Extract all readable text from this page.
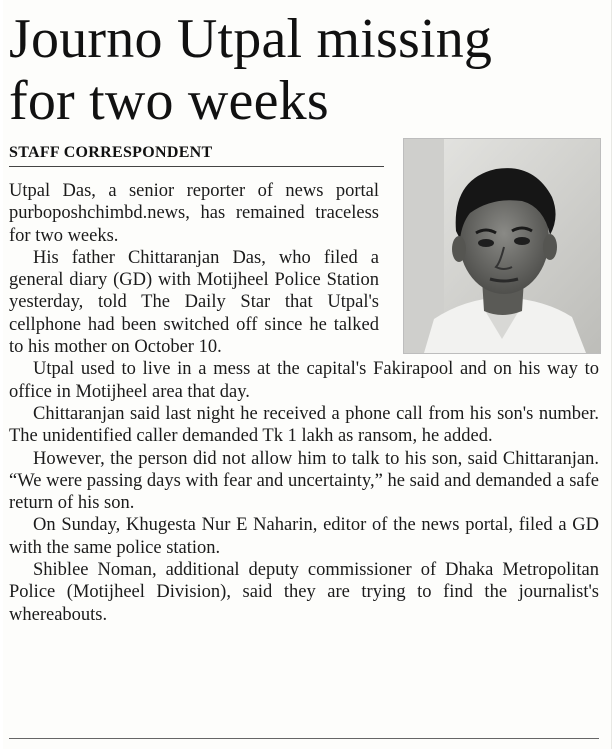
Journo Utpal missing
for two weeks
STAFF CORRESPONDENT

Utpal Das, a senior reporter of news portal purboposhchimbd.news, has remained traceless for two weeks.

His father Chittaranjan Das, who filed a general diary (GD) with Motijheel Police Station yesterday, told The Daily Star that Utpal's cellphone had been switched off since he talked to his mother on October 10.

Utpal used to live in a mess at the capital's Fakirapool and on his way to office in Motijheel area that day.

Chittaranjan said last night he received a phone call from his son's number. The unidentified caller demanded Tk 1 lakh as ransom, he added.

However, the person did not allow him to talk to his son, said Chittaranjan. “We were passing days with fear and uncertainty,” he said and demanded a safe return of his son.

On Sunday, Khugesta Nur E Naharin, editor of the news portal, filed a GD with the same police station.

Shiblee Noman, additional deputy commissioner of Dhaka Metropolitan Police (Motijheel Division), said they are trying to find the journalist's whereabouts.
